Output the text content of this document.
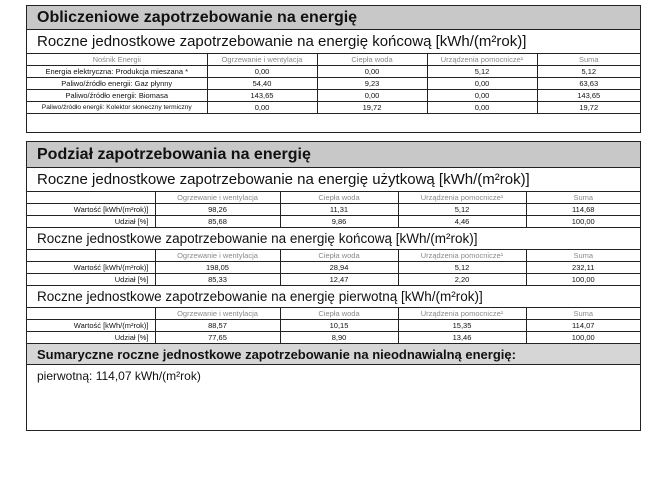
Obliczeniowe zapotrzebowanie na energię
Roczne jednostkowe zapotrzebowanie na energię końcową [kWh/(m²rok)]
Nośnik Energii	Ogrzewanie i wentylacja	Ciepła woda	Urządzenia pomocnicze¹	Suma
Energia elektryczna: Produkcja mieszana *	0,00	0,00	5,12	5,12
Paliwo/źródło energii: Gaz płynny	54,40	9,23	0,00	63,63
Paliwo/źródło energii: Biomasa	143,65	0,00	0,00	143,65
Paliwo/źródło energii: Kolektor słoneczny termiczny	0,00	19,72	0,00	19,72
Podział zapotrzebowania na energię
Roczne jednostkowe zapotrzebowanie na energię użytkową [kWh/(m²rok)]
	Ogrzewanie i wentylacja	Ciepła woda	Urządzenia pomocnicze¹	Suma
Wartość [kWh/(m²rok)]	98,26	11,31	5,12	114,68
Udział [%]	85,68	9,86	4,46	100,00
Roczne jednostkowe zapotrzebowanie na energię końcową [kWh/(m²rok)]
	Ogrzewanie i wentylacja	Ciepła woda	Urządzenia pomocnicze¹	Suma
Wartość [kWh/(m²rok)]	198,05	28,94	5,12	232,11
Udział [%]	85,33	12,47	2,20	100,00
Roczne jednostkowe zapotrzebowanie na energię pierwotną [kWh/(m²rok)]
	Ogrzewanie i wentylacja	Ciepła woda	Urządzenia pomocnicze¹	Suma
Wartość [kWh/(m²rok)]	88,57	10,15	15,35	114,07
Udział [%]	77,65	8,90	13,46	100,00
Sumaryczne roczne jednostkowe zapotrzebowanie na nieodnawialną energię:
pierwotną: 114,07 kWh/(m²rok)
